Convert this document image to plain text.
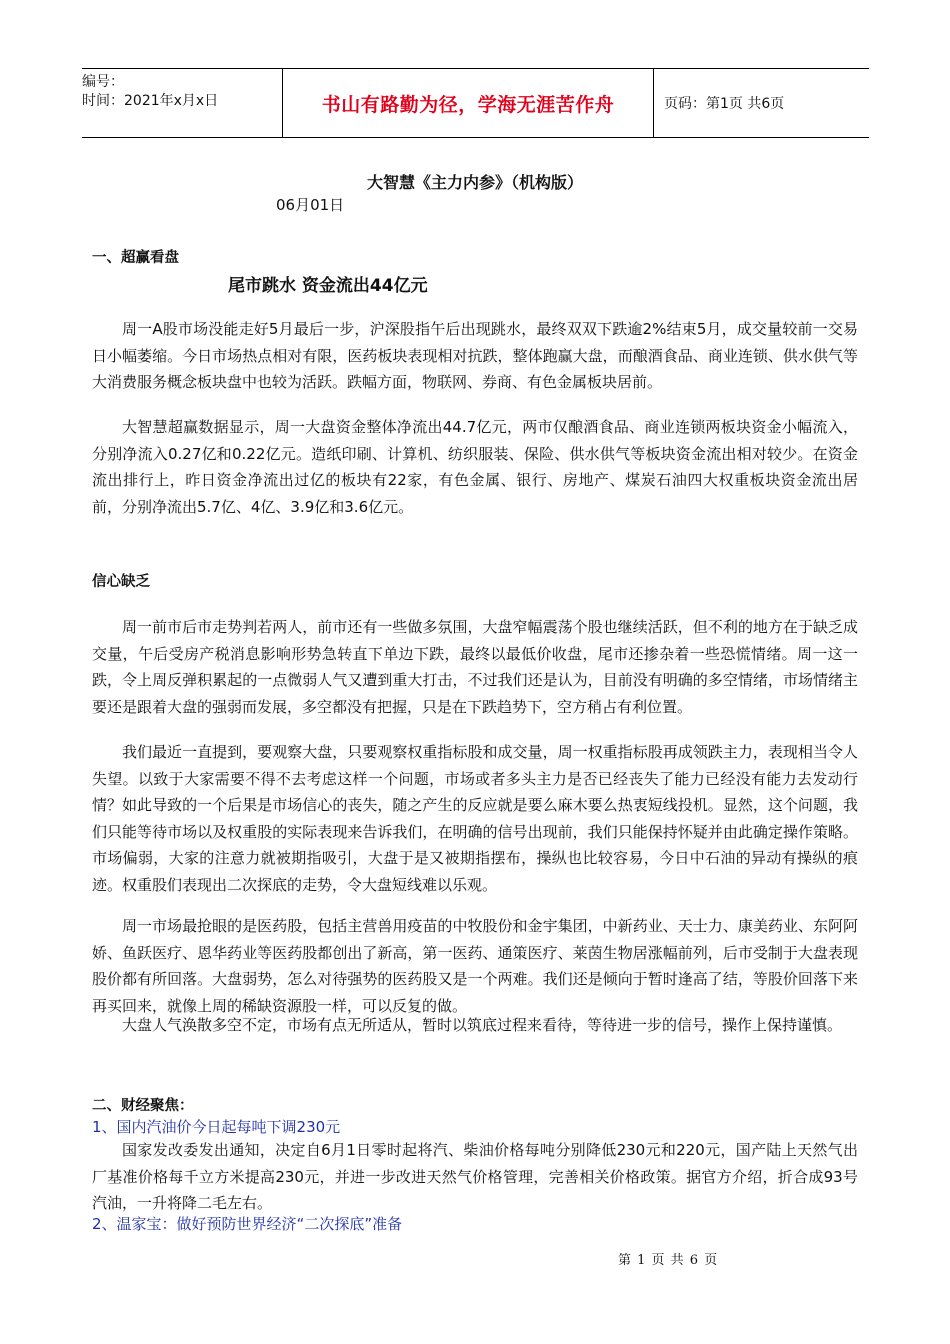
编号：
时间：2021年x月x日	书山有路勤为径，学海无涯苦作舟	页码：第1页 共6页
大智慧《主力内参》（机构版）
06月01日
一、超赢看盘
尾市跳水 资金流出44亿元

周一A股市场没能走好5月最后一步，沪深股指午后出现跳水，最终双双下跌逾2%结束5月，成交量较前一交易日小幅萎缩。今日市场热点相对有限，医药板块表现相对抗跌，整体跑赢大盘，而酿酒食品、商业连锁、供水供气等大消费服务概念板块盘中也较为活跃。跌幅方面，物联网、券商、有色金属板块居前。

大智慧超赢数据显示，周一大盘资金整体净流出44.7亿元，两市仅酿酒食品、商业连锁两板块资金小幅流入，分别净流入0.27亿和0.22亿元。造纸印刷、计算机、纺织服装、保险、供水供气等板块资金流出相对较少。在资金流出排行上，昨日资金净流出过亿的板块有22家，有色金属、银行、房地产、煤炭石油四大权重板块资金流出居前，分别净流出5.7亿、4亿、3.9亿和3.6亿元。

信心缺乏

周一前市后市走势判若两人，前市还有一些做多氛围，大盘窄幅震荡个股也继续活跃，但不利的地方在于缺乏成交量，午后受房产税消息影响形势急转直下单边下跌，最终以最低价收盘，尾市还掺杂着一些恐慌情绪。周一这一跌，令上周反弹积累起的一点微弱人气又遭到重大打击，不过我们还是认为，目前没有明确的多空情绪，市场情绪主要还是跟着大盘的强弱而发展，多空都没有把握，只是在下跌趋势下，空方稍占有利位置。

我们最近一直提到，要观察大盘，只要观察权重指标股和成交量，周一权重指标股再成领跌主力，表现相当令人失望。以致于大家需要不得不去考虑这样一个问题，市场或者多头主力是否已经丧失了能力已经没有能力去发动行情？如此导致的一个后果是市场信心的丧失，随之产生的反应就是要么麻木要么热衷短线投机。显然，这个问题，我们只能等待市场以及权重股的实际表现来告诉我们，在明确的信号出现前，我们只能保持怀疑并由此确定操作策略。市场偏弱，大家的注意力就被期指吸引，大盘于是又被期指摆布，操纵也比较容易，今日中石油的异动有操纵的痕迹。权重股们表现出二次探底的走势，令大盘短线难以乐观。

周一市场最抢眼的是医药股，包括主营兽用疫苗的中牧股份和金宇集团，中新药业、天士力、康美药业、东阿阿娇、鱼跃医疗、恩华药业等医药股都创出了新高，第一医药、通策医疗、莱茵生物居涨幅前列，后市受制于大盘表现股价都有所回落。大盘弱势，怎么对待强势的医药股又是一个两难。我们还是倾向于暂时逢高了结，等股价回落下来再买回来，就像上周的稀缺资源股一样，可以反复的做。

大盘人气涣散多空不定，市场有点无所适从，暂时以筑底过程来看待，等待进一步的信号，操作上保持谨慎。

二、财经聚焦：
1、国内汽油价今日起每吨下调230元

国家发改委发出通知，决定自6月1日零时起将汽、柴油价格每吨分别降低230元和220元，国产陆上天然气出厂基准价格每千立方米提高230元，并进一步改进天然气价格管理，完善相关价格政策。据官方介绍，折合成93号汽油，一升将降二毛左右。

2、温家宝：做好预防世界经济“二次探底”准备
第 1 页 共 6 页
